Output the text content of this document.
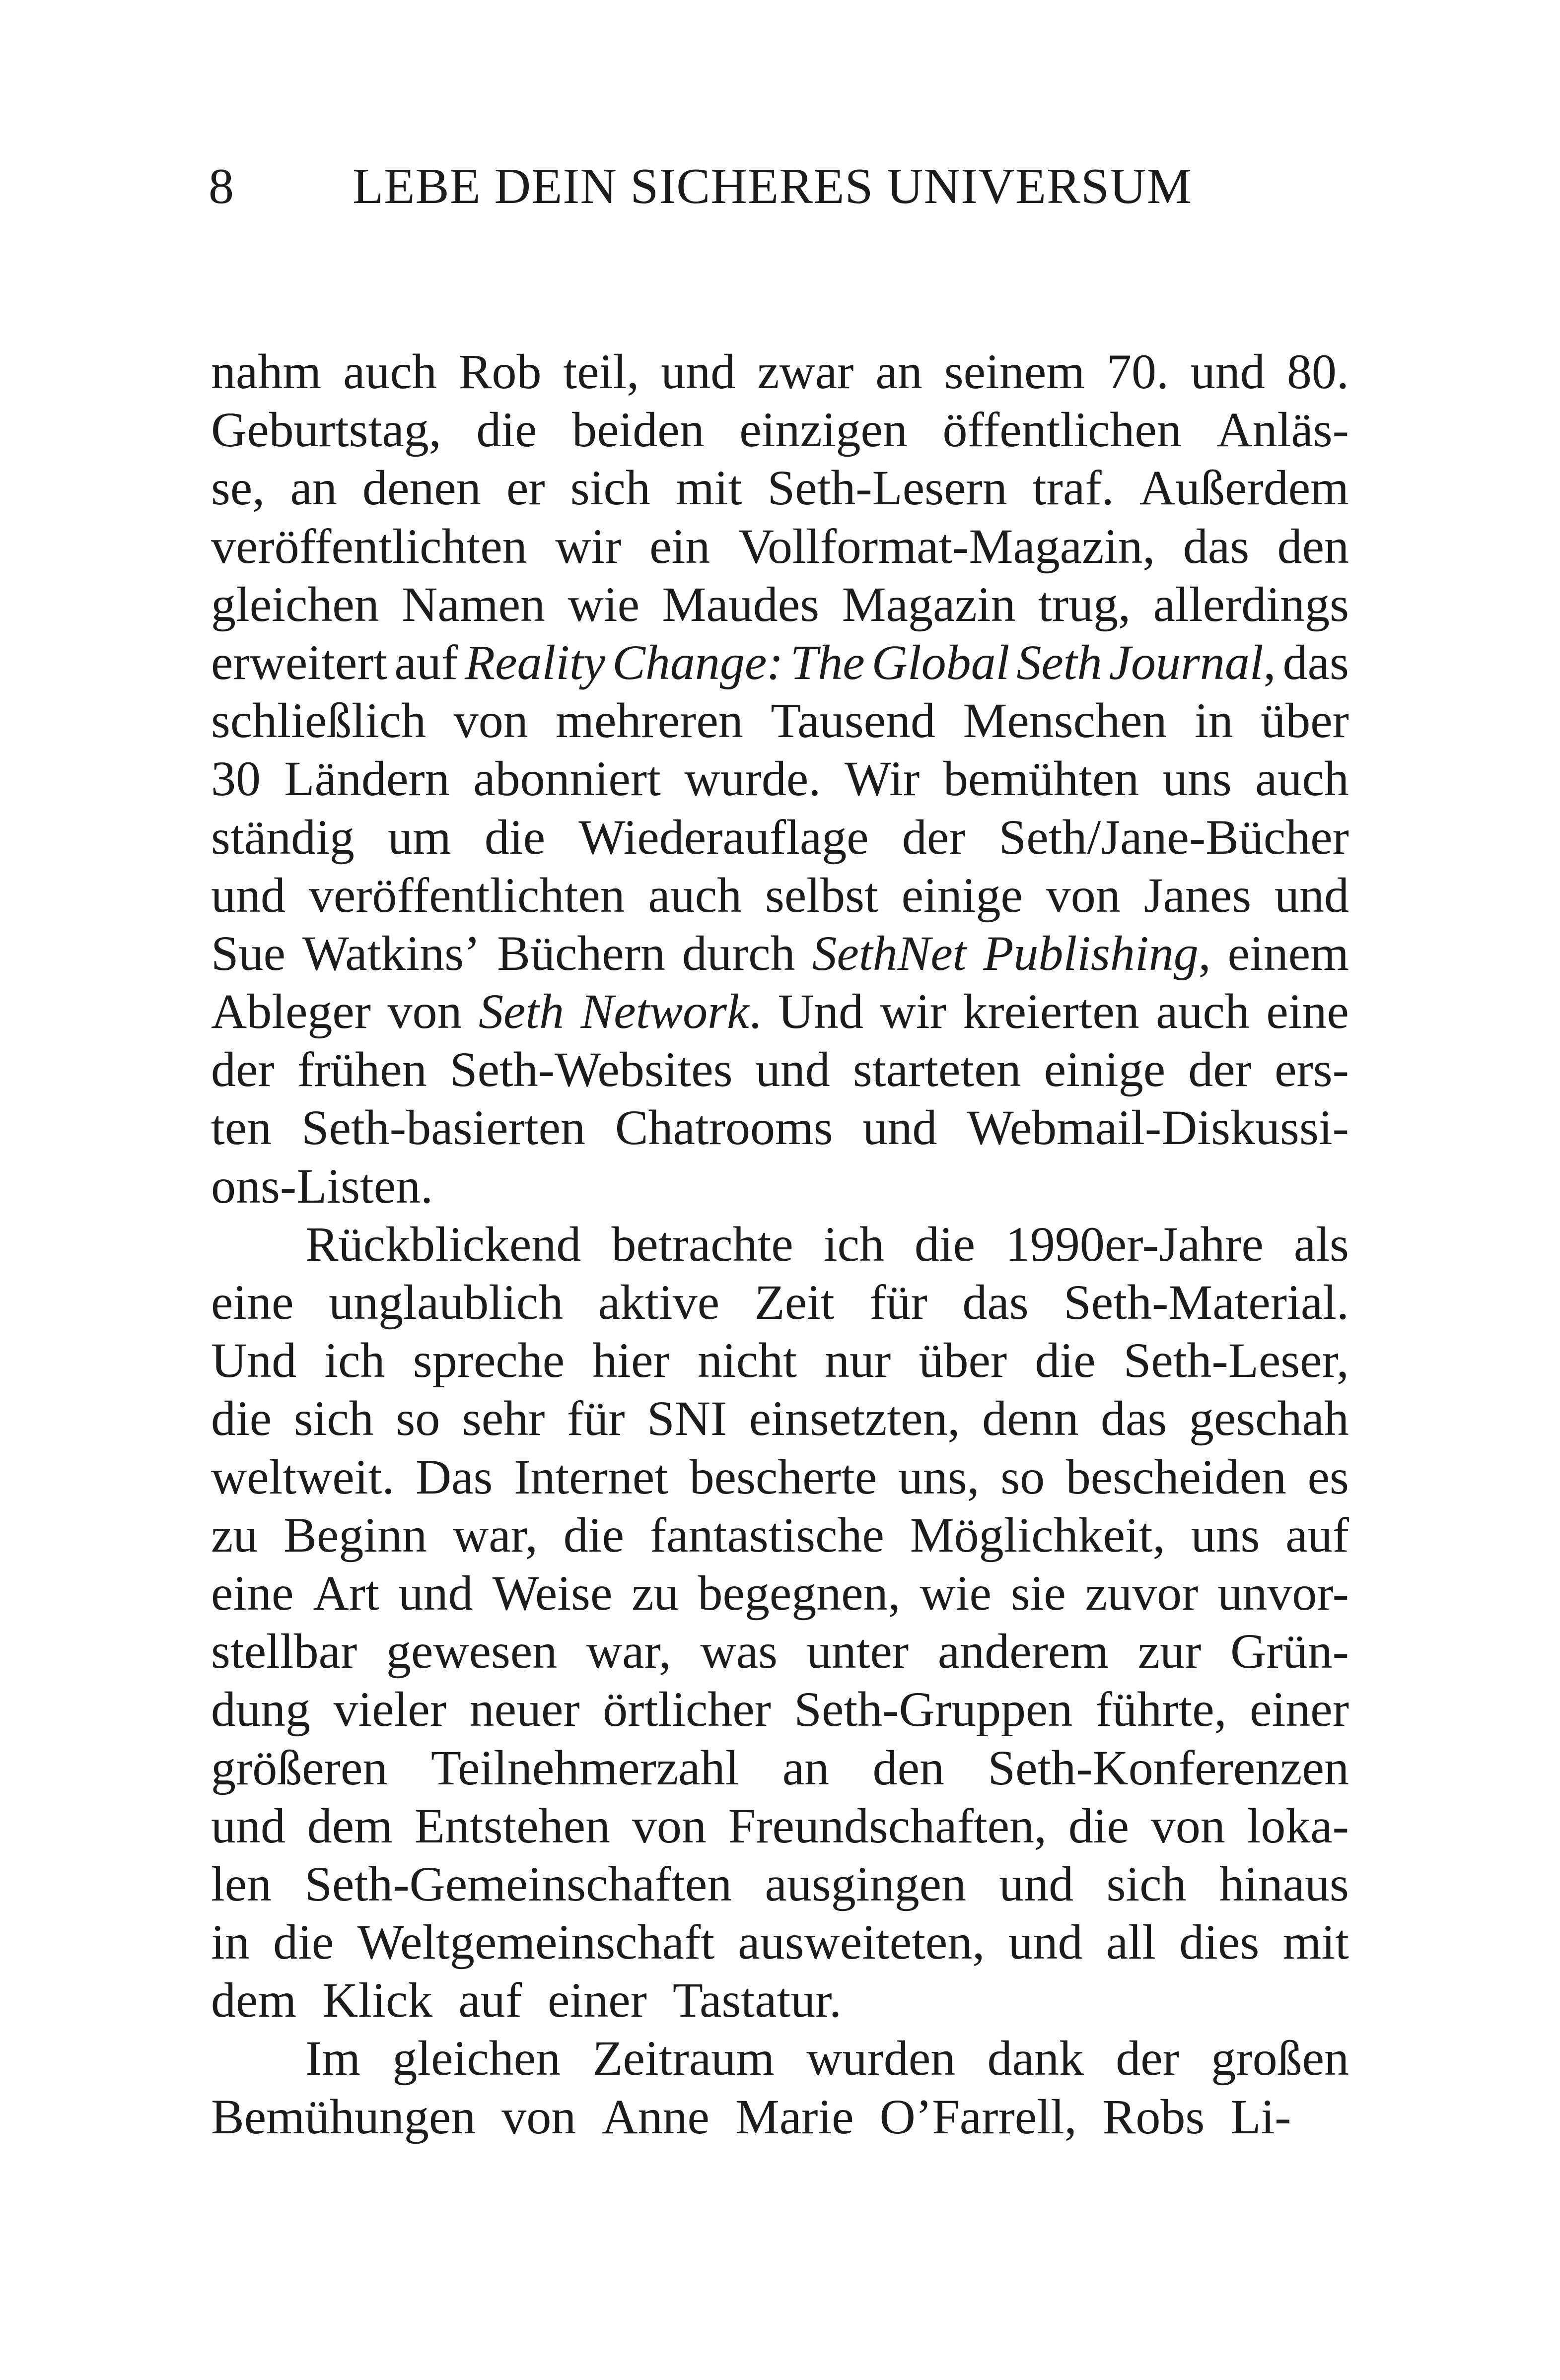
8	LEBE DEIN SICHERES UNIVERSUM
nahm auch Rob teil, und zwar an seinem 70. und 80.
Geburtstag, die beiden einzigen öffentlichen Anläs-
se, an denen er sich mit Seth-Lesern traf. Außerdem
veröffentlichten wir ein Vollformat-Magazin, das den
gleichen Namen wie Maudes Magazin trug, allerdings
erweitert auf Reality Change: The Global Seth Journal, das
schließlich von mehreren Tausend Menschen in über
30 Ländern abonniert wurde. Wir bemühten uns auch
ständig um die Wiederauflage der Seth/Jane-Bücher
und veröffentlichten auch selbst einige von Janes und
Sue Watkins’ Büchern durch SethNet Publishing, einem
Ableger von Seth Network. Und wir kreierten auch eine
der frühen Seth-Websites und starteten einige der ers-
ten Seth-basierten Chatrooms und Webmail-Diskussi-
ons-Listen.
Rückblickend betrachte ich die 1990er-Jahre als
eine unglaublich aktive Zeit für das Seth-Material.
Und ich spreche hier nicht nur über die Seth-Leser,
die sich so sehr für SNI einsetzten, denn das geschah
weltweit. Das Internet bescherte uns, so bescheiden es
zu Beginn war, die fantastische Möglichkeit, uns auf
eine Art und Weise zu begegnen, wie sie zuvor unvor-
stellbar gewesen war, was unter anderem zur Grün-
dung vieler neuer örtlicher Seth-Gruppen führte, einer
größeren Teilnehmerzahl an den Seth-Konferenzen
und dem Entstehen von Freundschaften, die von loka-
len Seth-Gemeinschaften ausgingen und sich hinaus
in die Weltgemeinschaft ausweiteten, und all dies mit
dem Klick auf einer Tastatur.
Im gleichen Zeitraum wurden dank der großen
Bemühungen von Anne Marie O’Farrell, Robs Li-
